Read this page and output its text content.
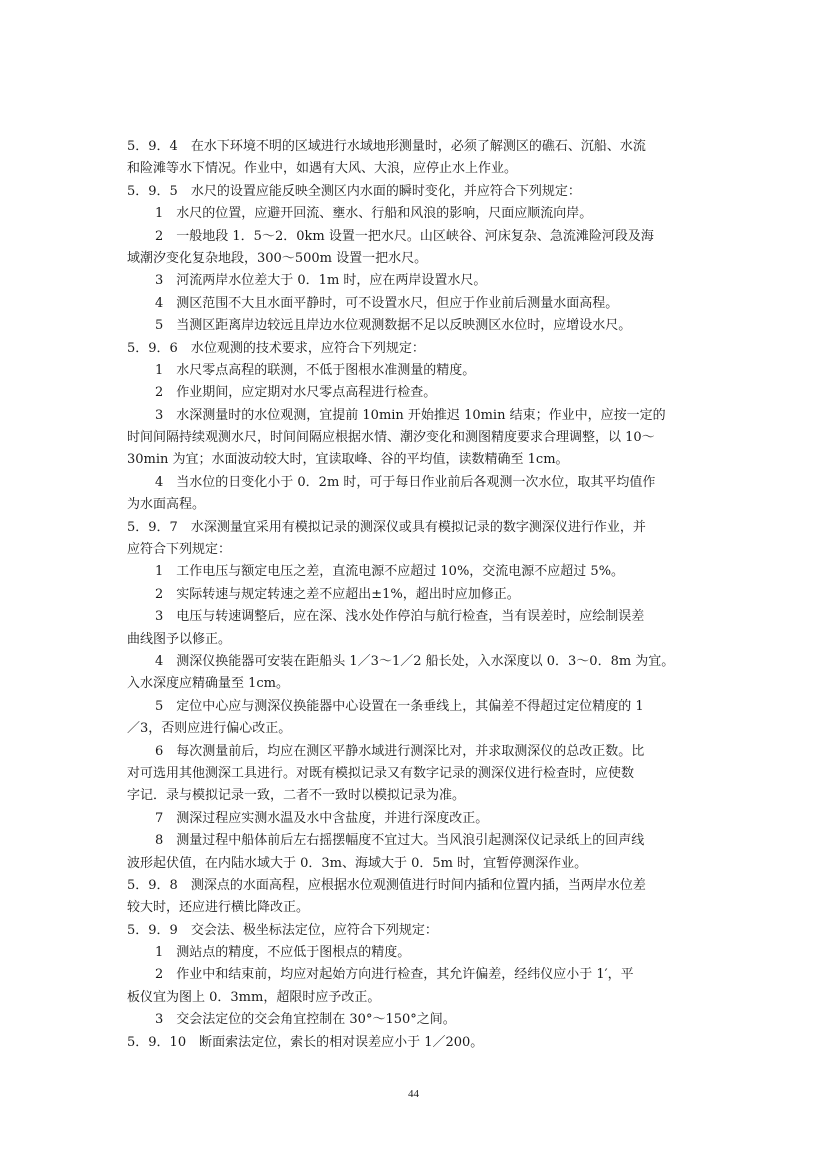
5．9．4　在水下环境不明的区域进行水域地形测量时，必须了解测区的礁石、沉船、水流
和险滩等水下情况。作业中，如遇有大风、大浪，应停止水上作业。
5．9．5　水尺的设置应能反映全测区内水面的瞬时变化，并应符合下列规定：
1　水尺的位置，应避开回流、壅水、行船和风浪的影响，尺面应顺流向岸。
2　一般地段 1．5～2．0km 设置一把水尺。山区峡谷、河床复杂、急流滩险河段及海
域潮汐变化复杂地段，300～500m 设置一把水尺。
3　河流两岸水位差大于 0．1m 时，应在两岸设置水尺。
4　测区范围不大且水面平静时，可不设置水尺，但应于作业前后测量水面高程。
5　当测区距离岸边较远且岸边水位观测数据不足以反映测区水位时，应增设水尺。
5．9．6　水位观测的技术要求，应符合下列规定：
1　水尺零点高程的联测，不低于图根水准测量的精度。
2　作业期间，应定期对水尺零点高程进行检查。
3　水深测量时的水位观测，宜提前 10min 开始推迟 10min 结束；作业中，应按一定的
时间间隔持续观测水尺，时间间隔应根据水情、潮汐变化和测图精度要求合理调整，以 10～
30min 为宜；水面波动较大时，宜读取峰、谷的平均值，读数精确至 1cm。
4　当水位的日变化小于 0．2m 时，可于每日作业前后各观测一次水位，取其平均值作
为水面高程。
5．9．7　水深测量宜采用有模拟记录的测深仪或具有模拟记录的数字测深仪进行作业，并
应符合下列规定：
1　工作电压与额定电压之差，直流电源不应超过 10%，交流电源不应超过 5%。
2　实际转速与规定转速之差不应超出±1%，超出时应加修正。
3　电压与转速调整后，应在深、浅水处作停泊与航行检查，当有误差时，应绘制误差
曲线图予以修正。
4　测深仪换能器可安装在距船头 1／3～1／2 船长处，入水深度以 0．3～0．8m 为宜。
入水深度应精确量至 1cm。
5　定位中心应与测深仪换能器中心设置在一条垂线上，其偏差不得超过定位精度的 1
／3，否则应进行偏心改正。
6　每次测量前后，均应在测区平静水域进行测深比对，并求取测深仪的总改正数。比
对可选用其他测深工具进行。对既有模拟记录又有数字记录的测深仪进行检查时，应使数
字记．录与模拟记录一致，二者不一致时以模拟记录为准。
7　测深过程应实测水温及水中含盐度，并进行深度改正。
8　测量过程中船体前后左右摇摆幅度不宜过大。当风浪引起测深仪记录纸上的回声线
波形起伏值，在内陆水域大于 0．3m、海域大于 0．5m 时，宜暂停测深作业。
5．9．8　测深点的水面高程，应根据水位观测值进行时间内插和位置内插，当两岸水位差
较大时，还应进行横比降改正。
5．9．9　交会法、极坐标法定位，应符合下列规定：
1　测站点的精度，不应低于图根点的精度。
2　作业中和结束前，均应对起始方向进行检查，其允许偏差，经纬仪应小于 1′，平
板仪宜为图上 0．3mm，超限时应予改正。
3　交会法定位的交会角宜控制在 30°～150°之间。
5．9．10　断面索法定位，索长的相对误差应小于 1／200。
44
